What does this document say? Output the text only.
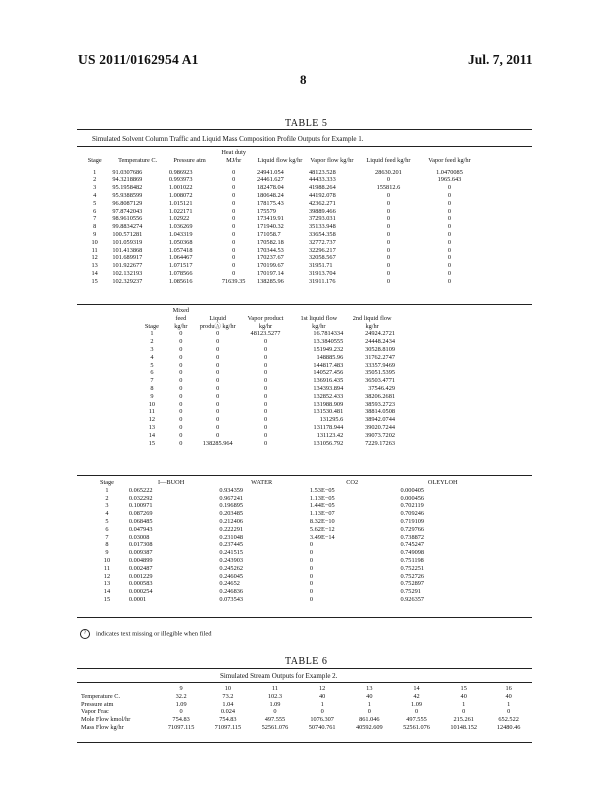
US 2011/0162954 A1	Jul. 7, 2011
8
TABLE 5
Simulated Solvent Column Traffic and Liquid Mass Composition Profile Outputs for Example 1.
Stage	Temperature C.	Pressure atm	Heat duty MJ/hr	Liquid flow kg/hr	Vapor flow kg/hr	Liquid feed kg/hr	Vapor feed kg/hr
1	91.0307686	0.986923	0	24941.054	48123.528	28630.201	1.0470085
2	94.3218869	0.993973	0	24461.627	44433.333	0	1965.643
3	95.1958482	1.001022	0	182478.04	41988.264	155812.6	0
4	95.9388599	1.008072	0	180648.24	44192.078	0	0
5	96.8087129	1.015121	0	178175.43	42362.271	0	0
6	97.8742043	1.022171	0	175579	39889.466	0	0
7	98.9610556	1.02922	0	173419.91	37293.031	0	0
8	99.8834274	1.036269	0	171940.32	35133.948	0	0
9	100.571281	1.043319	0	171058.7	33654.358	0	0
10	101.059319	1.050368	0	170582.18	32772.737	0	0
11	101.413868	1.057418	0	170344.53	32296.217	0	0
12	101.689917	1.064467	0	170237.67	32058.567	0	0
13	101.922677	1.071517	0	170199.67	31951.71	0	0
14	102.132193	1.078566	0	170197.14	31913.704	0	0
15	102.329237	1.085616	71639.35	138285.96	31911.176	0	0
Stage	Mixed feed kg/hr	Liquid produⒶ kg/hr	Vapor product kg/hr	1st liquid flow kg/hr	2nd liquid flow kg/hr
1	0	0	48123.5277	16.7814334	24924.2721
2	0	0	0	13.3840555	24448.2434
3	0	0	0	151949.232	30528.8109
4	0	0	0	148885.96	31762.2747
5	0	0	0	144817.483	33357.9469
6	0	0	0	140527.456	35051.5395
7	0	0	0	136916.435	36503.4771
8	0	0	0	134393.894	37546.429
9	0	0	0	132852.433	38206.2681
10	0	0	0	131988.909	38593.2723
11	0	0	0	131530.481	38814.0508
12	0	0	0	131295.6	38942.0744
13	0	0	0	131178.944	39020.7244
14	0	0	0	131123.42	39073.7202
15	0	138285.964	0	131056.792	7229.17263
Stage	I—BUOH	WATER	CO2	OLEYLOH
1	0.065222	0.934359	1.53E−05	0.000405
2	0.032292	0.967241	1.13E−05	0.000456
3	0.100971	0.196895	1.44E−05	0.702119
4	0.087269	0.203485	1.13E−07	0.709246
5	0.068485	0.212406	8.32E−10	0.719109
6	0.047943	0.222291	5.62E−12	0.729766
7	0.03008	0.231048	3.49E−14	0.738872
8	0.017308	0.237445	0	0.745247
9	0.009387	0.241515	0	0.749098
10	0.004899	0.243903	0	0.751198
11	0.002487	0.245262	0	0.752251
12	0.001229	0.246045	0	0.752726
13	0.000583	0.24652	0	0.752897
14	0.000254	0.246836	0	0.75291
15	0.0001	0.073543	0	0.926357
? indicates text missing or illegible when filed
TABLE 6
Simulated Stream Outputs for Example 2.
	9	10	11	12	13	14	15	16
Temperature C.	32.2	73.2	102.3	40	40	42	40	40
Pressure atm	1.09	1.04	1.09	1	1	1.09	1	1
Vapor Frac	0	0.024	0	0	0	0	0	0
Mole Flow kmol/hr	754.83	754.83	497.555	1076.307	861.046	497.555	215.261	652.522
Mass Flow kg/hr	71097.115	71097.115	52561.076	50740.761	40592.609	52561.076	10148.152	12480.46
